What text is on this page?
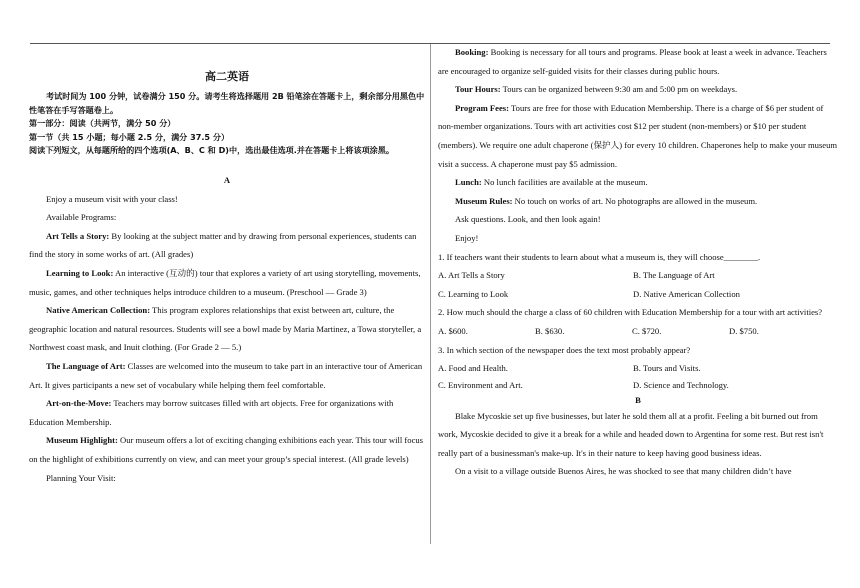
高二英语

考试时间为 100 分钟，试卷满分 150 分。请考生将选择题用 2B 铅笔涂在答题卡上，剩余部分用黑色中性笔答在手写答题卷上。

第一部分：阅读（共两节，满分 50 分）

第一节（共 15 小题；每小题 2.5 分，满分 37.5 分）

阅读下列短文，从每题所给的四个选项(A、B、C 和 D)中，选出最佳选项.并在答题卡上将该项涂黑。

A

Enjoy a museum visit with your class!

Available Programs:

Art Tells a Story: By looking at the subject matter and by drawing from personal experiences, students can find the story in some works of art. (All grades)

Learning to Look: An interactive (互动的) tour that explores a variety of art using storytelling, movements, music, games, and other techniques helps introduce children to a museum. (Preschool — Grade 3)

Native American Collection: This program explores relationships that exist between art, culture, the geographic location and natural resources. Students will see a bowl made by Maria Martinez, a Towa storyteller, a Northwest coast mask, and Inuit clothing. (For Grade 2 — 5.)

The Language of Art: Classes are welcomed into the museum to take part in an interactive tour of American Art. It gives participants a new set of vocabulary while helping them feel comfortable.

Art-on-the-Move: Teachers may borrow suitcases filled with art objects. Free for organizations with Education Membership.

Museum Highlight: Our museum offers a lot of exciting changing exhibitions each year. This tour will focus on the highlight of exhibitions currently on view, and can meet your group’s special interest. (All grade levels)

Planning Your Visit:

Booking: Booking is necessary for all tours and programs. Please book at least a week in advance. Teachers are encouraged to organize self-guided visits for their classes during public hours.

Tour Hours: Tours can be organized between 9:30 am and 5:00 pm on weekdays.

Program Fees: Tours are free for those with Education Membership. There is a charge of $6 per student of non-member organizations. Tours with art activities cost $12 per student (non-members) or $10 per student (members). We require one adult chaperone (保护人) for every 10 children. Chaperones help to make your museum visit a success. A chaperone must pay $5 admission.

Lunch: No lunch facilities are available at the museum.

Museum Rules: No touch on works of art. No photographs are allowed in the museum.

Ask questions. Look, and then look again!

Enjoy!

1. If teachers want their students to learn about what a museum is, they will choose________.

A. Art Tells a Story	B. The Language of Art
C. Learning to Look	D. Native American Collection

2. How much should the charge a class of 60 children with Education Membership for a tour with art activities?

A. $600.	B. $630.	C. $720.	D. $750.

3. In which section of the newspaper does the text most probably appear?

A. Food and Health.	B. Tours and Visits.
C. Environment and Art.	D. Science and Technology.

B

Blake Mycoskie set up five businesses, but later he sold them all at a profit. Feeling a bit burned out from work, Mycoskie decided to give it a break for a while and headed down to Argentina for some rest. But rest isn't really part of a businessman's make-up. It's in their nature to keep having good business ideas.

On a visit to a village outside Buenos Aires, he was shocked to see that many children didn’t have
